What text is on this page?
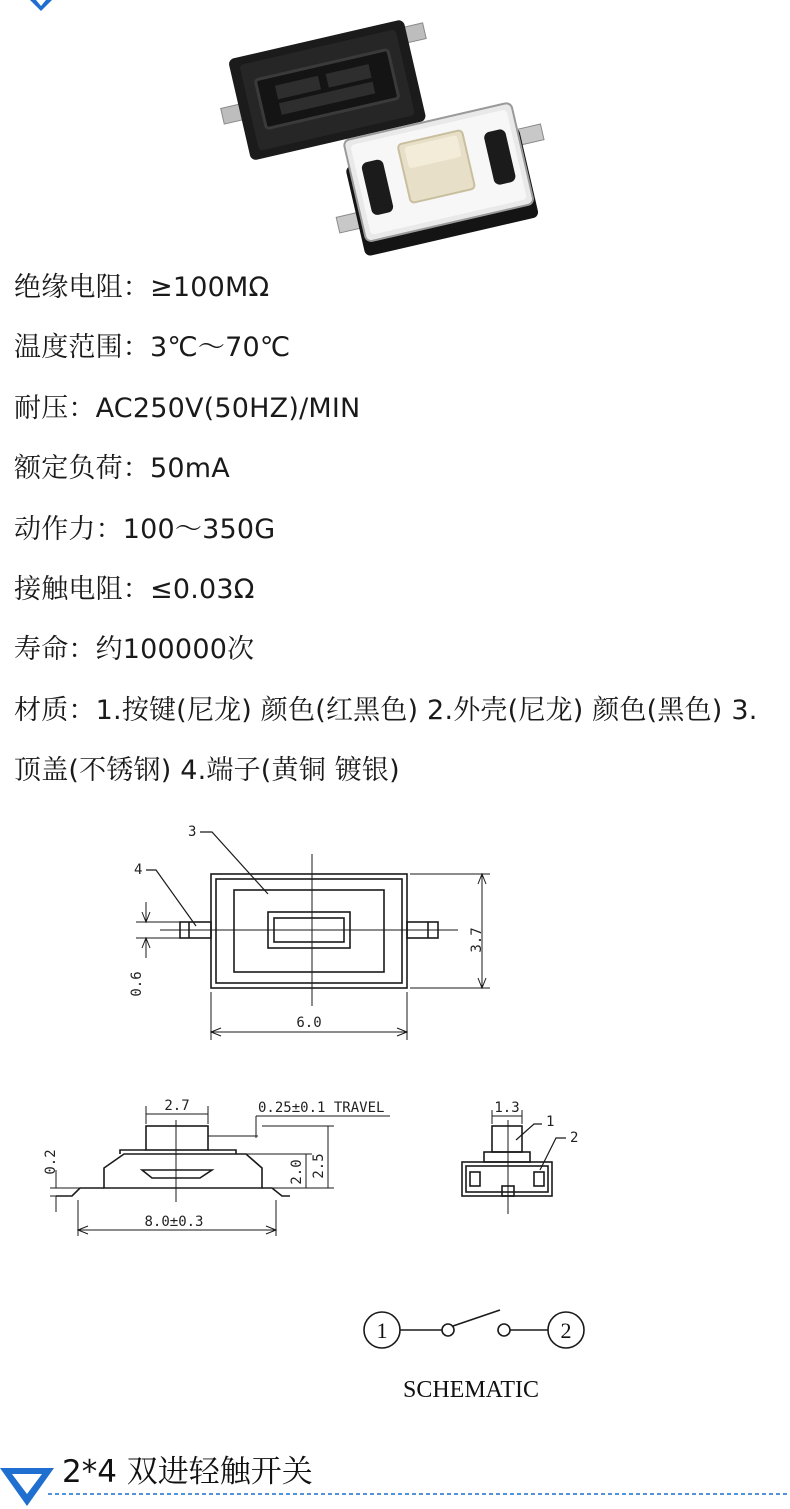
绝缘电阻：≥100MΩ
温度范围：3℃～70℃
耐压：AC250V(50HZ)/MIN
额定负荷：50mA
动作力：100～350G
接触电阻：≤0.03Ω
寿命：约100000次
材质：1.按键(尼龙) 颜色(红黑色) 2.外壳(尼龙) 颜色(黑色) 3.顶盖(不锈钢) 4.端子(黄铜 镀银)
3
4
3.7
0.6
6.0
2.7	0.25±0.1 TRAVEL
0.2	2.0 2.5
8.0±0.3
1.3
1
2
1	2
SCHEMATIC
2*4 双进轻触开关
